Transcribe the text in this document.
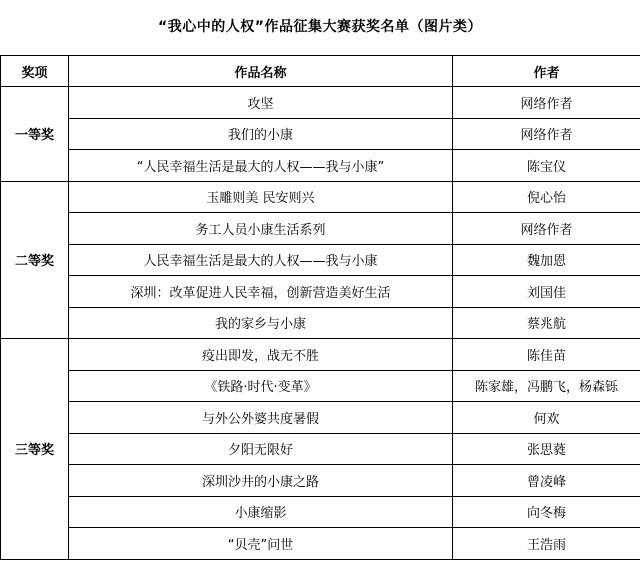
“我心中的人权”作品征集大赛获奖名单（图片类）
奖项	作品名称	作者
一等奖	攻坚	网络作者
	我们的小康	网络作者
	“人民幸福生活是最大的人权——我与小康”	陈宝仪
二等奖	玉雕则美 民安则兴	倪心怡
	务工人员小康生活系列	网络作者
	人民幸福生活是最大的人权——我与小康	魏加恩
	深圳：改革促进人民幸福，创新营造美好生活	刘国佳
	我的家乡与小康	蔡兆航
三等奖	疫出即发，战无不胜	陈佳苗
	《铁路·时代·变革》	陈家雄，冯鹏飞，杨森铄
	与外公外婆共度暑假	何欢
	夕阳无限好	张思蕤
	深圳沙井的小康之路	曾凌峰
	小康缩影	向冬梅
	“贝壳”问世	王浩雨
